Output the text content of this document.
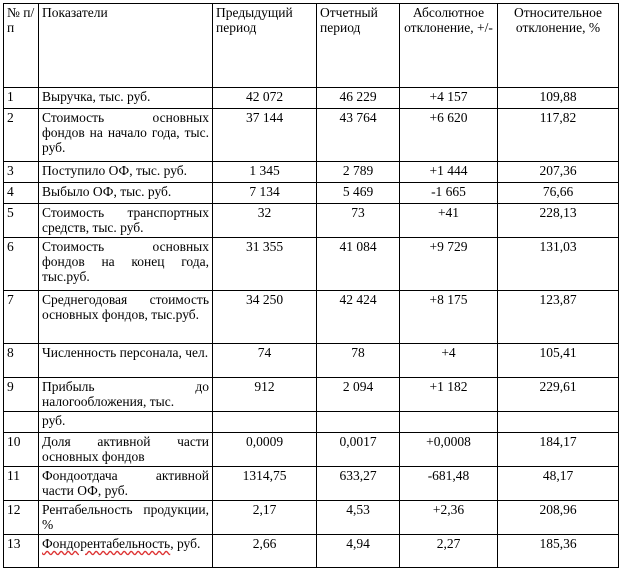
№ п/п	Показатели	Предыдущий период	Отчетный период	Абсолютное отклонение, +/-	Относительное отклонение, %
1	Выручка, тыс. руб.	42 072	46 229	+4 157	109,88
2	Стоимость основных фондов на начало года, тыс. руб.	37 144	43 764	+6 620	117,82
3	Поступило ОФ, тыс. руб.	1 345	2 789	+1 444	207,36
4	Выбыло ОФ, тыс. руб.	7 134	5 469	-1 665	76,66
5	Стоимость транспортных средств, тыс. руб.	32	73	+41	228,13
6	Стоимость основных фондов на конец года, тыс.руб.	31 355	41 084	+9 729	131,03
7	Среднегодовая стоимость основных фондов, тыс.руб.	34 250	42 424	+8 175	123,87
8	Численность персонала, чел.	74	78	+4	105,41
9	Прибыль до налогообложения, тыс.	912	2 094	+1 182	229,61
	руб.				
10	Доля активной части основных фондов	0,0009	0,0017	+0,0008	184,17
11	Фондоотдача активной части ОФ, руб.	1314,75	633,27	-681,48	48,17
12	Рентабельность продукции, %	2,17	4,53	+2,36	208,96
13	Фондорентабельность, руб.	2,66	4,94	2,27	185,36
